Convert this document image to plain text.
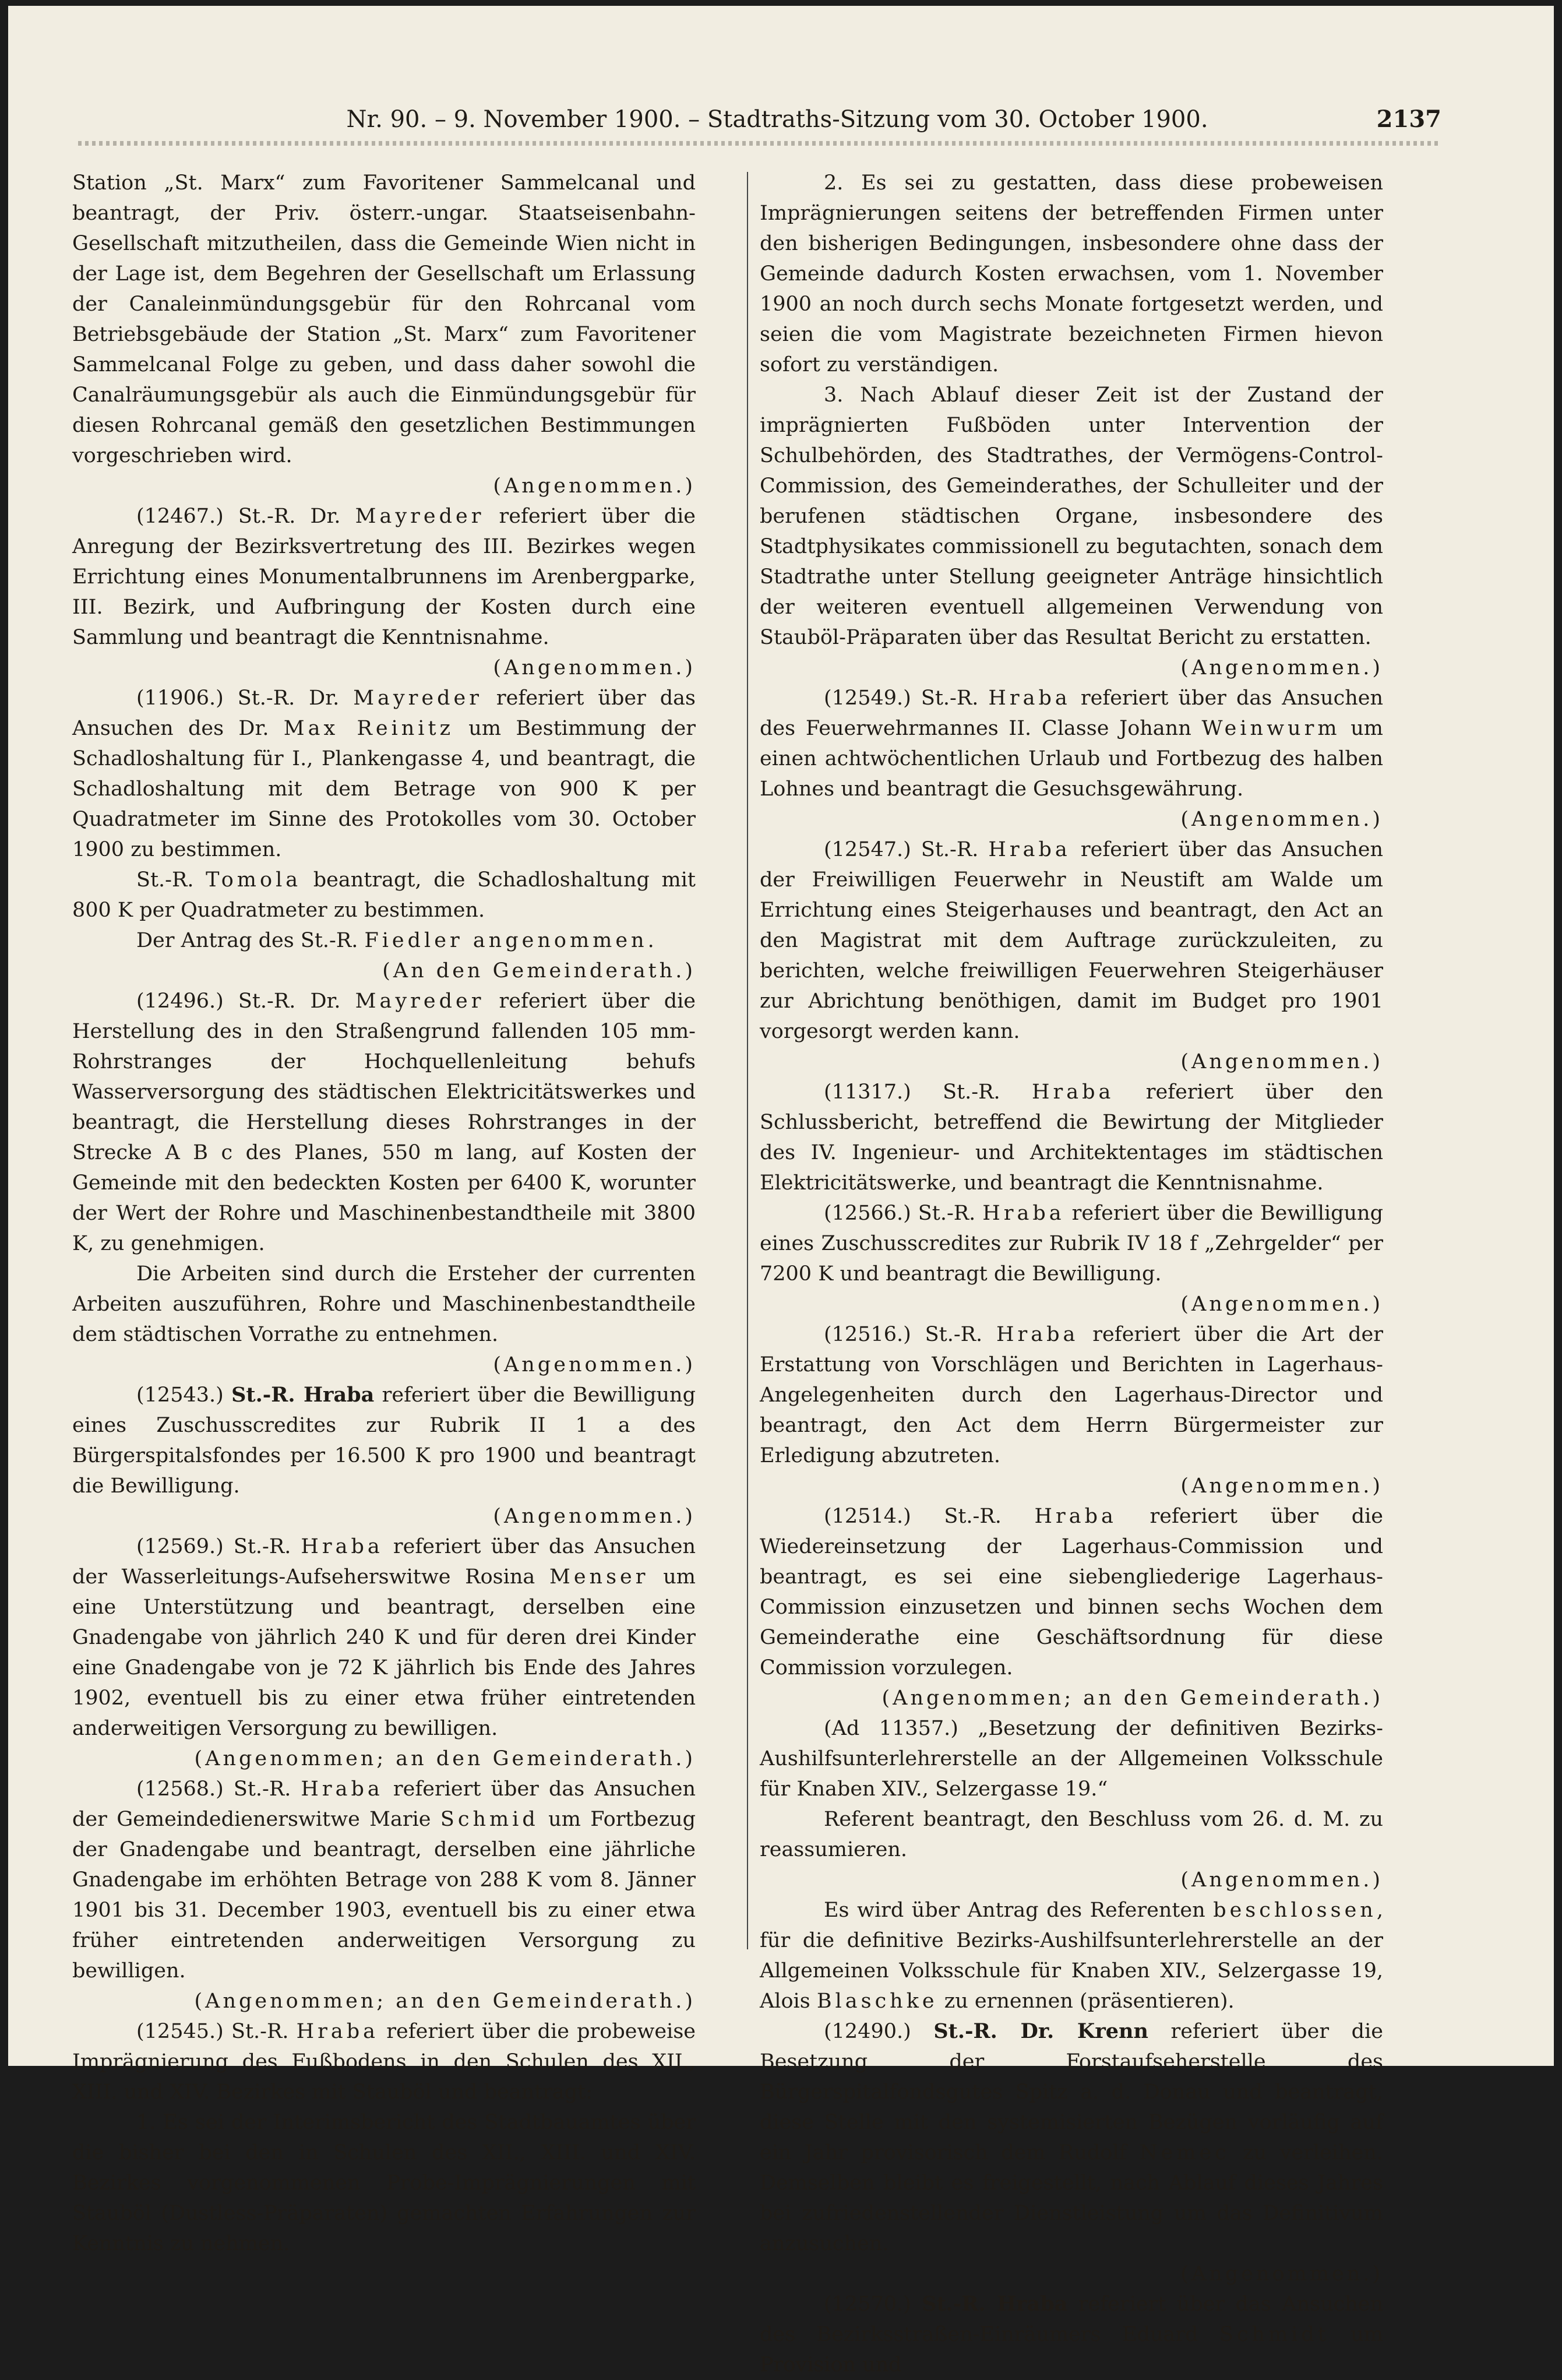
Nr. 90. – 9. November 1900. – Stadtraths-Sitzung vom 30. October 1900.	2137

Station „St. Marx“ zum Favoritener Sammelcanal und beantragt, der Priv. österr.-ungar. Staatseisenbahn-Gesellschaft mitzutheilen, dass die Gemeinde Wien nicht in der Lage ist, dem Begehren der Gesellschaft um Erlassung der Canaleinmündungsgebür für den Rohrcanal vom Betriebsgebäude der Station „St. Marx“ zum Favoritener Sammelcanal Folge zu geben, und dass daher sowohl die Canalräumungsgebür als auch die Einmündungsgebür für diesen Rohrcanal gemäß den gesetzlichen Bestimmungen vorgeschrieben wird.

(Angenommen.)

(12467.) St.-R. Dr. Mayreder referiert über die Anregung der Bezirksvertretung des III. Bezirkes wegen Errichtung eines Monumentalbrunnens im Arenbergparke, III. Bezirk, und Aufbringung der Kosten durch eine Sammlung und beantragt die Kenntnisnahme.

(Angenommen.)

(11906.) St.-R. Dr. Mayreder referiert über das Ansuchen des Dr. Max Reinitz um Bestimmung der Schadloshaltung für I., Plankengasse 4, und beantragt, die Schadloshaltung mit dem Betrage von 900 K per Quadratmeter im Sinne des Protokolles vom 30. October 1900 zu bestimmen.

St.-R. Tomola beantragt, die Schadloshaltung mit 800 K per Quadratmeter zu bestimmen.

Der Antrag des St.-R. Fiedler angenommen.

(An den Gemeinderath.)

(12496.) St.-R. Dr. Mayreder referiert über die Herstellung des in den Straßengrund fallenden 105 mm-Rohrstranges der Hochquellenleitung behufs Wasserversorgung des städtischen Elektricitätswerkes und beantragt, die Herstellung dieses Rohrstranges in der Strecke A B c des Planes, 550 m lang, auf Kosten der Gemeinde mit den bedeckten Kosten per 6400 K, worunter der Wert der Rohre und Maschinenbestandtheile mit 3800 K, zu genehmigen.

Die Arbeiten sind durch die Ersteher der currenten Arbeiten auszuführen, Rohre und Maschinenbestandtheile dem städtischen Vorrathe zu entnehmen.

(Angenommen.)

(12543.) St.-R. Hraba referiert über die Bewilligung eines Zuschusscredites zur Rubrik II 1 a des Bürgerspitalsfondes per 16.500 K pro 1900 und beantragt die Bewilligung.

(Angenommen.)

(12569.) St.-R. Hraba referiert über das Ansuchen der Wasserleitungs-Aufseherswitwe Rosina Menser um eine Unterstützung und beantragt, derselben eine Gnadengabe von jährlich 240 K und für deren drei Kinder eine Gnadengabe von je 72 K jährlich bis Ende des Jahres 1902, eventuell bis zu einer etwa früher eintretenden anderweitigen Versorgung zu bewilligen.

(Angenommen; an den Gemeinderath.)

(12568.) St.-R. Hraba referiert über das Ansuchen der Gemeindedienerswitwe Marie Schmid um Fortbezug der Gnadengabe und beantragt, derselben eine jährliche Gnadengabe im erhöhten Betrage von 288 K vom 8. Jänner 1901 bis 31. December 1903, eventuell bis zu einer etwa früher eintretenden anderweitigen Versorgung zu bewilligen.

(Angenommen; an den Gemeinderath.)

(12545.) St.-R. Hraba referiert über die probeweise Imprägnierung des Fußbodens in den Schulen des XII., XIII. und XIV. Bezirkes mit Stauböl und beantragt:

1. Es sei der Interimsbericht des Stadtbauamtes über die bisher bei den in Schulen des XII., XIII. und XIV. Bezirkes vorgenommenen Probe-Imprägnierungen mit Stauböl (Dustless-Präparaten) gemachten Erfahrungen zur Kenntnis zu nehmen.

2. Es sei zu gestatten, dass diese probeweisen Imprägnierungen seitens der betreffenden Firmen unter den bisherigen Bedingungen, insbesondere ohne dass der Gemeinde dadurch Kosten erwachsen, vom 1. November 1900 an noch durch sechs Monate fortgesetzt werden, und seien die vom Magistrate bezeichneten Firmen hievon sofort zu verständigen.

3. Nach Ablauf dieser Zeit ist der Zustand der imprägnierten Fußböden unter Intervention der Schulbehörden, des Stadtrathes, der Vermögens-Control-Commission, des Gemeinderathes, der Schulleiter und der berufenen städtischen Organe, insbesondere des Stadtphysikates commissionell zu begutachten, sonach dem Stadtrathe unter Stellung geeigneter Anträge hinsichtlich der weiteren eventuell allgemeinen Verwendung von Stauböl-Präparaten über das Resultat Bericht zu erstatten.

(Angenommen.)

(12549.) St.-R. Hraba referiert über das Ansuchen des Feuerwehrmannes II. Classe Johann Weinwurm um einen achtwöchentlichen Urlaub und Fortbezug des halben Lohnes und beantragt die Gesuchsgewährung.

(Angenommen.)

(12547.) St.-R. Hraba referiert über das Ansuchen der Freiwilligen Feuerwehr in Neustift am Walde um Errichtung eines Steigerhauses und beantragt, den Act an den Magistrat mit dem Auftrage zurückzuleiten, zu berichten, welche freiwilligen Feuerwehren Steigerhäuser zur Abrichtung benöthigen, damit im Budget pro 1901 vorgesorgt werden kann.

(Angenommen.)

(11317.) St.-R. Hraba referiert über den Schlussbericht, betreffend die Bewirtung der Mitglieder des IV. Ingenieur- und Architektentages im städtischen Elektricitätswerke, und beantragt die Kenntnisnahme.

(12566.) St.-R. Hraba referiert über die Bewilligung eines Zuschusscredites zur Rubrik IV 18 f „Zehrgelder“ per 7200 K und beantragt die Bewilligung.

(Angenommen.)

(12516.) St.-R. Hraba referiert über die Art der Erstattung von Vorschlägen und Berichten in Lagerhaus-Angelegenheiten durch den Lagerhaus-Director und beantragt, den Act dem Herrn Bürgermeister zur Erledigung abzutreten.

(Angenommen.)

(12514.) St.-R. Hraba referiert über die Wiedereinsetzung der Lagerhaus-Commission und beantragt, es sei eine siebengliederige Lagerhaus-Commission einzusetzen und binnen sechs Wochen dem Gemeinderathe eine Geschäftsordnung für diese Commission vorzulegen.

(Angenommen; an den Gemeinderath.)

(Ad 11357.) „Besetzung der definitiven Bezirks-Aushilfsunterlehrerstelle an der Allgemeinen Volksschule für Knaben XIV., Selzergasse 19.“

Referent beantragt, den Beschluss vom 26. d. M. zu reassumieren.

(Angenommen.)

Es wird über Antrag des Referenten beschlossen, für die definitive Bezirks-Aushilfsunterlehrerstelle an der Allgemeinen Volksschule für Knaben XIV., Selzergasse 19, Alois Blaschke zu ernennen (präsentieren).

(12490.) St.-R. Dr. Krenn referiert über die Besetzung der Forstaufseherstelle des Bürgerspitalfondsgutes Spitz a. d. Donau und beantragt, diese Stelle mit den systemisierten Bezügen vorläufig auf ein Jahr provisorisch dem Rudolf Nemec zu verleihen. Demselben bleibt es freigestellt, nach Ablauf dieses Jahres bei zufriedenstellender Dienstleistung um das Definitivum anzusuchen.

(Angenommen.)

(12570.) St.-R. Hraba referiert über das Ansuchen des Bezirksstraßen-Einräumers Eduard Schmidt um Provision und
